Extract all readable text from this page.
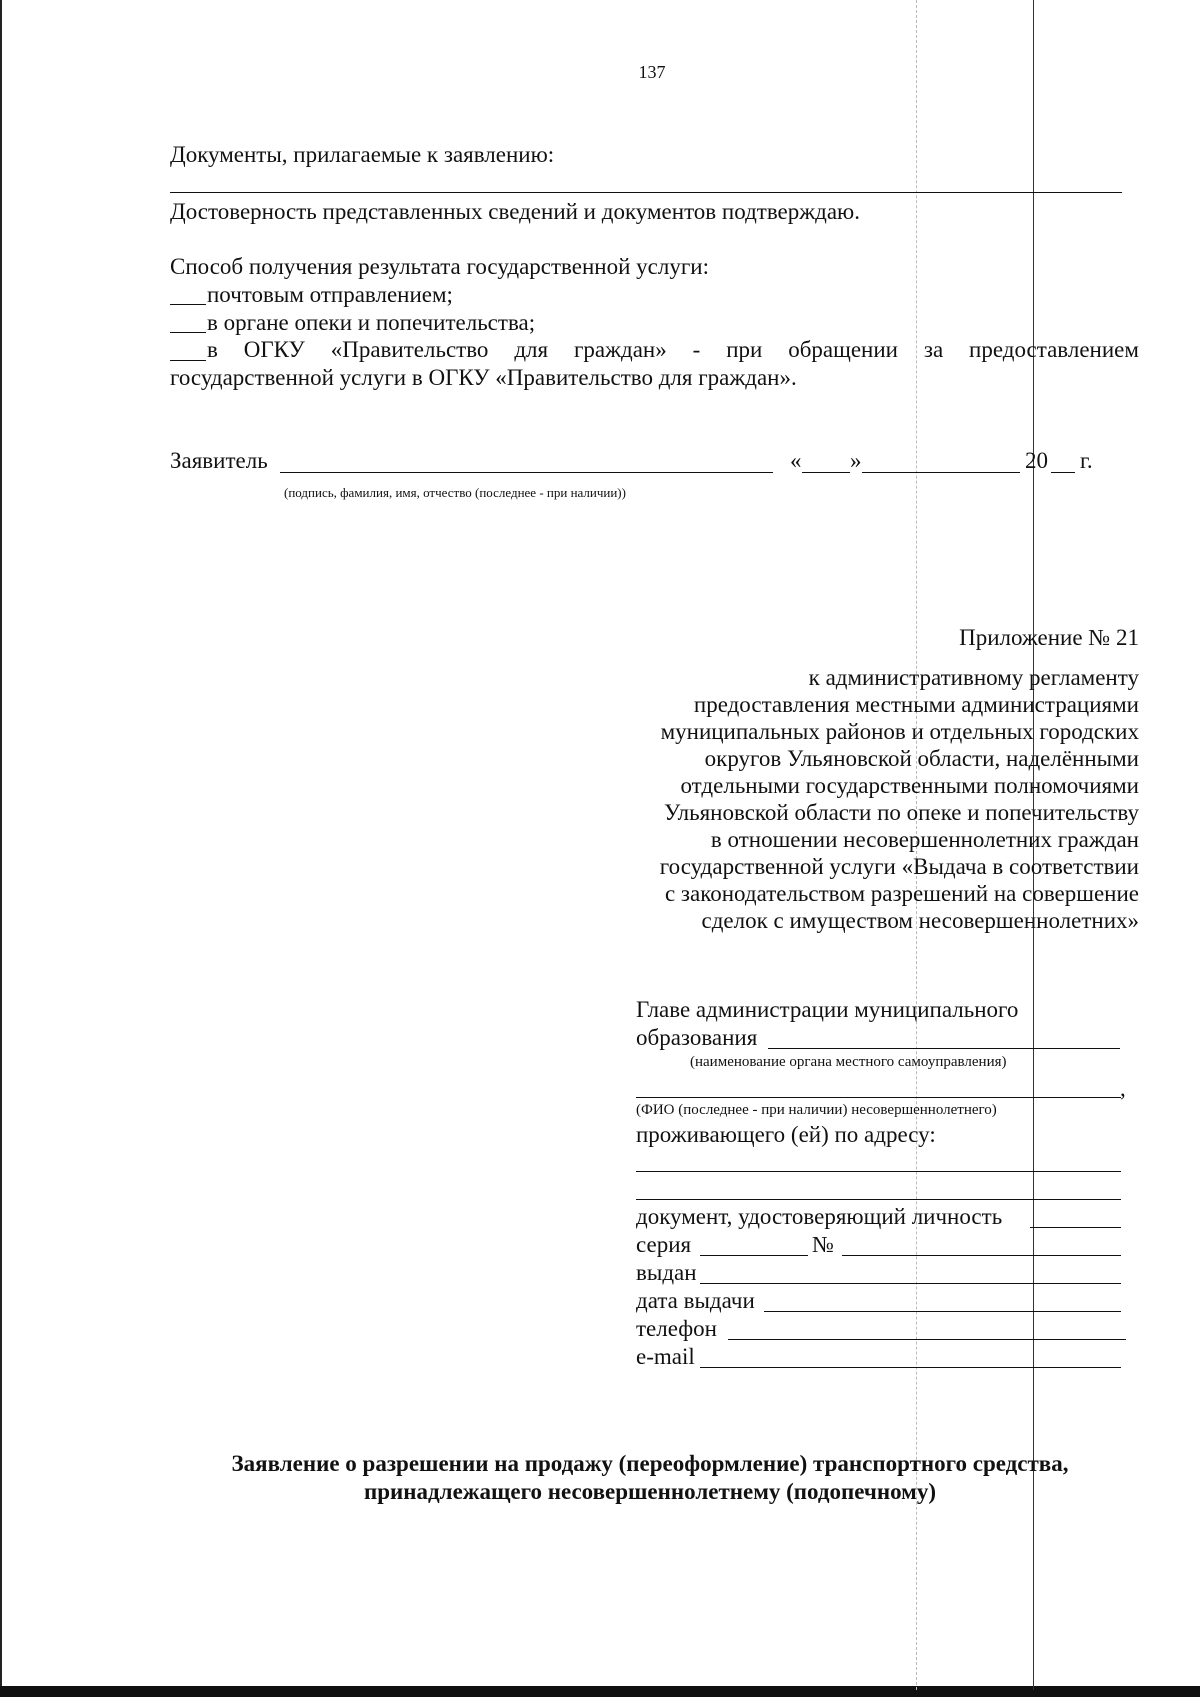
137
Документы, прилагаемые к заявлению:
Достоверность представленных сведений и документов подтверждаю.
Способ получения результата государственной услуги:
почтовым отправлением;
в органе опеки и попечительства;
в ОГКУ «Правительство для граждан» - при обращении за предоставлением
государственной услуги в ОГКУ «Правительство для граждан».
Заявитель	« »	20 г.
(подпись, фамилия, имя, отчество (последнее - при наличии))
Приложение № 21
к административному регламенту
предоставления местными администрациями
муниципальных районов и отдельных городских
округов Ульяновской области, наделёнными
отдельными государственными полномочиями
Ульяновской области по опеке и попечительству
в отношении несовершеннолетних граждан
государственной услуги «Выдача в соответствии
с законодательством разрешений на совершение
сделок с имуществом несовершеннолетних»
Главе администрации муниципального
образования
(наименование органа местного самоуправления)
,
(ФИО (последнее - при наличии) несовершеннолетнего)
проживающего (ей) по адресу:
документ, удостоверяющий личность
серия	№
выдан
дата выдачи
телефон
e-mail
Заявление о разрешении на продажу (переоформление) транспортного средства,
принадлежащего несовершеннолетнему (подопечному)
